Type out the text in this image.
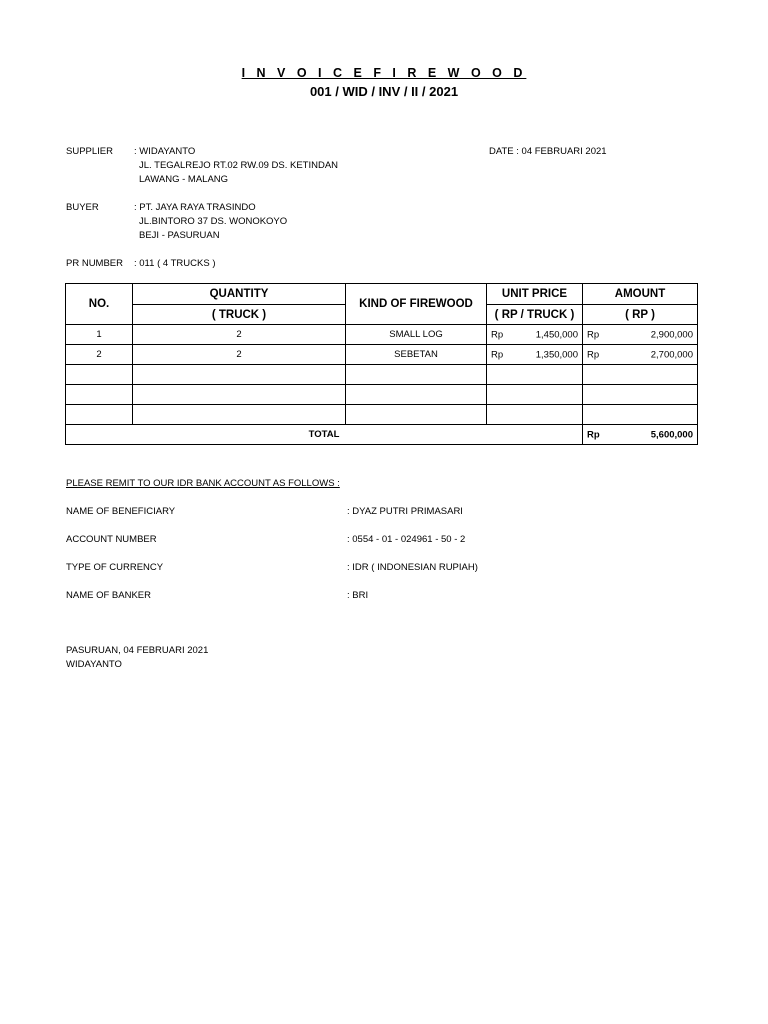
I N V O I C E F I R E W O O D
001 / WID / INV / II / 2021
SUPPLIER : WIDAYANTO
JL. TEGALREJO RT.02 RW.09 DS. KETINDAN
LAWANG - MALANG
DATE : 04 FEBRUARI 2021
BUYER	: PT. JAYA RAYA TRASINDO
JL.BINTORO 37 DS. WONOKOYO
BEJI - PASURUAN
PR NUMBER : 011 ( 4 TRUCKS )
NO.	QUANTITY	KIND OF FIREWOOD	UNIT PRICE	AMOUNT
	( TRUCK )		( RP / TRUCK )	( RP )
1	2	SMALL LOG	Rp 1,450,000	Rp 2,900,000

2	2	SEBETAN	Rp 1,350,000	Rp 2,700,000

TOTAL				Rp 5,600,000
PLEASE REMIT TO OUR IDR BANK ACCOUNT AS FOLLOWS :
NAME OF BENEFICIARY	: DYAZ PUTRI PRIMASARI
ACCOUNT NUMBER	: 0554 - 01 - 024961 - 50 - 2
TYPE OF CURRENCY	: IDR ( INDONESIAN RUPIAH)
NAME OF BANKER	: BRI
PASURUAN, 04 FEBRUARI 2021
WIDAYANTO
